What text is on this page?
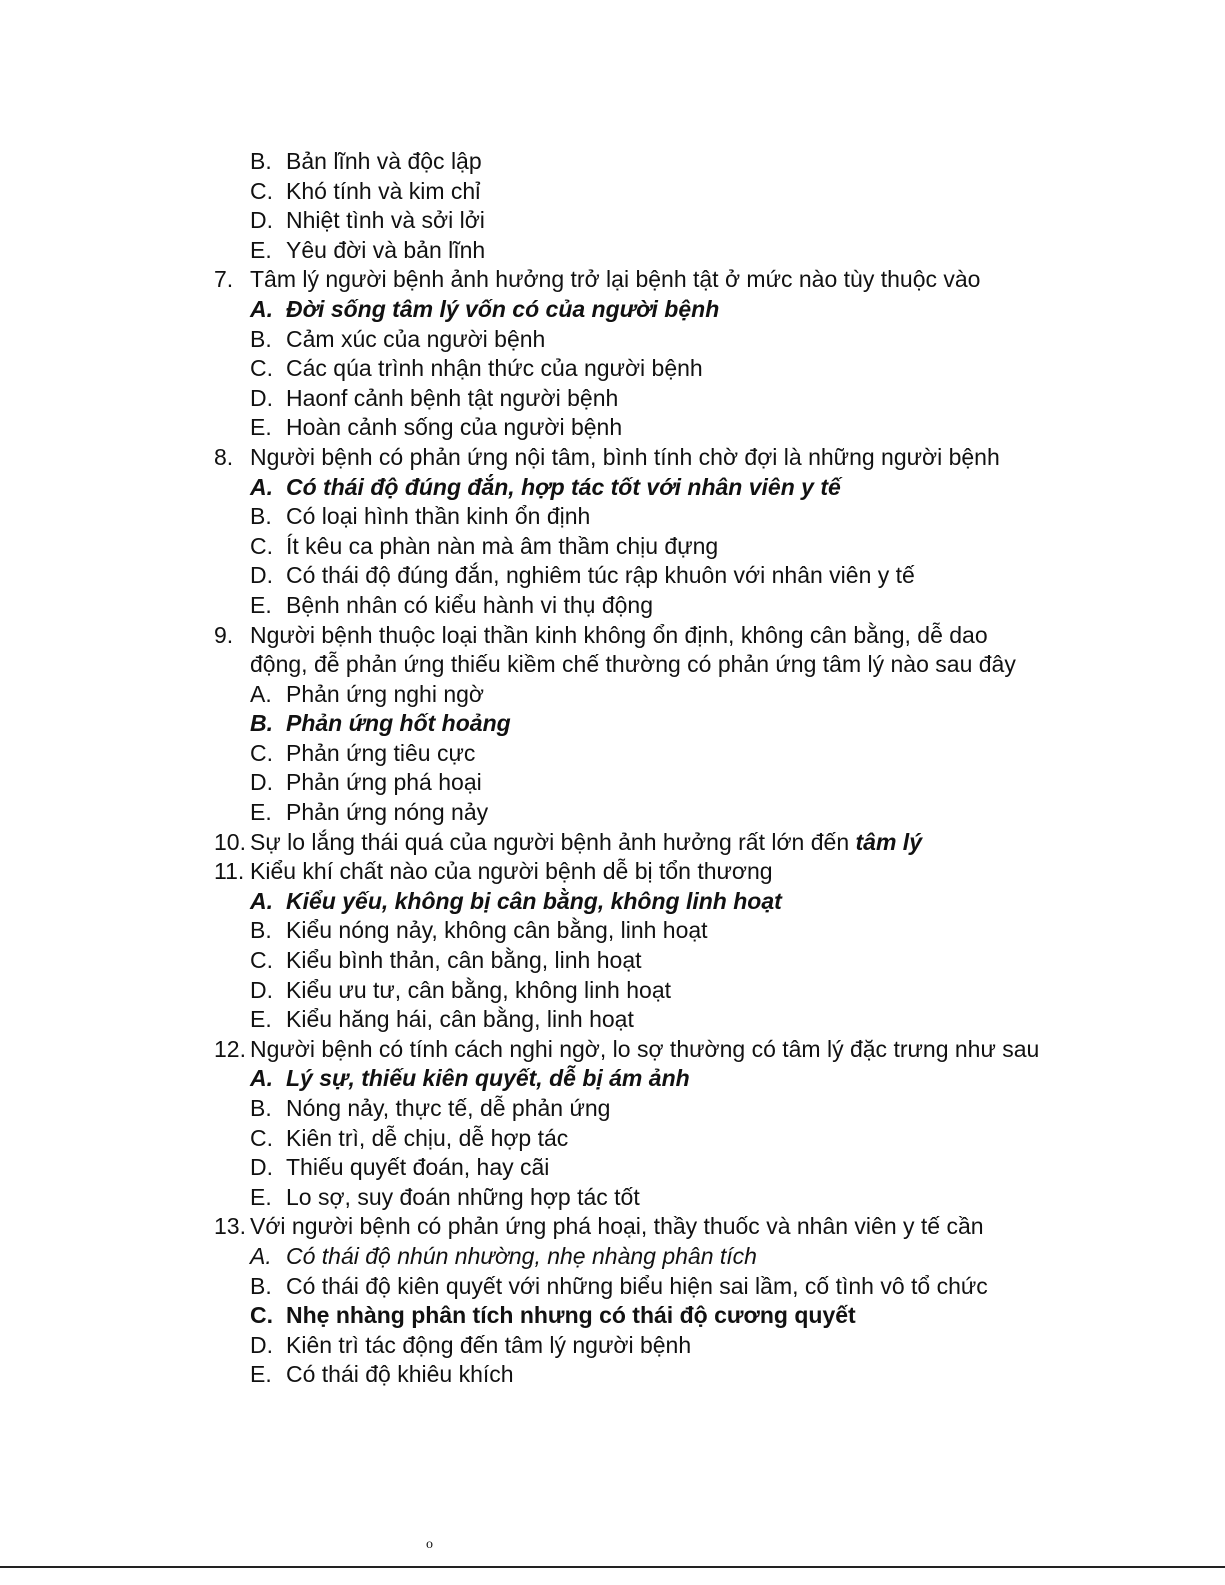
B. Bản lĩnh và độc lập
C. Khó tính và kim chỉ
D. Nhiệt tình và sởi lởi
E. Yêu đời và bản lĩnh
7. Tâm lý người bệnh ảnh hưởng trở lại bệnh tật ở mức nào tùy thuộc vào
A. Đời sống tâm lý vốn có của người bệnh
B. Cảm xúc của người bệnh
C. Các qúa trình nhận thức của người bệnh
D. Haonf cảnh bệnh tật người bệnh
E. Hoàn cảnh sống của người bệnh
8. Người bệnh có phản ứng nội tâm, bình tính chờ đợi là những người bệnh
A. Có thái độ đúng đắn, hợp tác tốt với nhân viên y tế
B. Có loại hình thần kinh ổn định
C. Ít kêu ca phàn nàn mà âm thầm chịu đựng
D. Có thái độ đúng đắn, nghiêm túc rập khuôn với nhân viên y tế
E. Bệnh nhân có kiểu hành vi thụ động
9. Người bệnh thuộc loại thần kinh không ổn định, không cân bằng, dễ dao
động, đễ phản ứng thiếu kiềm chế thường có phản ứng tâm lý nào sau đây
A. Phản ứng nghi ngờ
B. Phản ứng hốt hoảng
C. Phản ứng tiêu cực
D. Phản ứng phá hoại
E. Phản ứng nóng nảy
10. Sự lo lắng thái quá của người bệnh ảnh hưởng rất lớn đến tâm lý
11. Kiểu khí chất nào của người bệnh dễ bị tổn thương
A. Kiểu yếu, không bị cân bằng, không linh hoạt
B. Kiểu nóng nảy, không cân bằng, linh hoạt
C. Kiểu bình thản, cân bằng, linh hoạt
D. Kiểu ưu tư, cân bằng, không linh hoạt
E. Kiểu hăng hái, cân bằng, linh hoạt
12. Người bệnh có tính cách nghi ngờ, lo sợ thường có tâm lý đặc trưng như sau
A. Lý sự, thiếu kiên quyết, dễ bị ám ảnh
B. Nóng nảy, thực tế, dễ phản ứng
C. Kiên trì, dễ chịu, dễ hợp tác
D. Thiếu quyết đoán, hay cãi
E. Lo sợ, suy đoán những hợp tác tốt
13. Với người bệnh có phản ứng phá hoại, thầy thuốc và nhân viên y tế cần
A. Có thái độ nhún nhường, nhẹ nhàng phân tích
B. Có thái độ kiên quyết với những biểu hiện sai lầm, cố tình vô tổ chức
C. Nhẹ nhàng phân tích nhưng có thái độ cương quyết
D. Kiên trì tác động đến tâm lý người bệnh
E. Có thái độ khiêu khích
o
